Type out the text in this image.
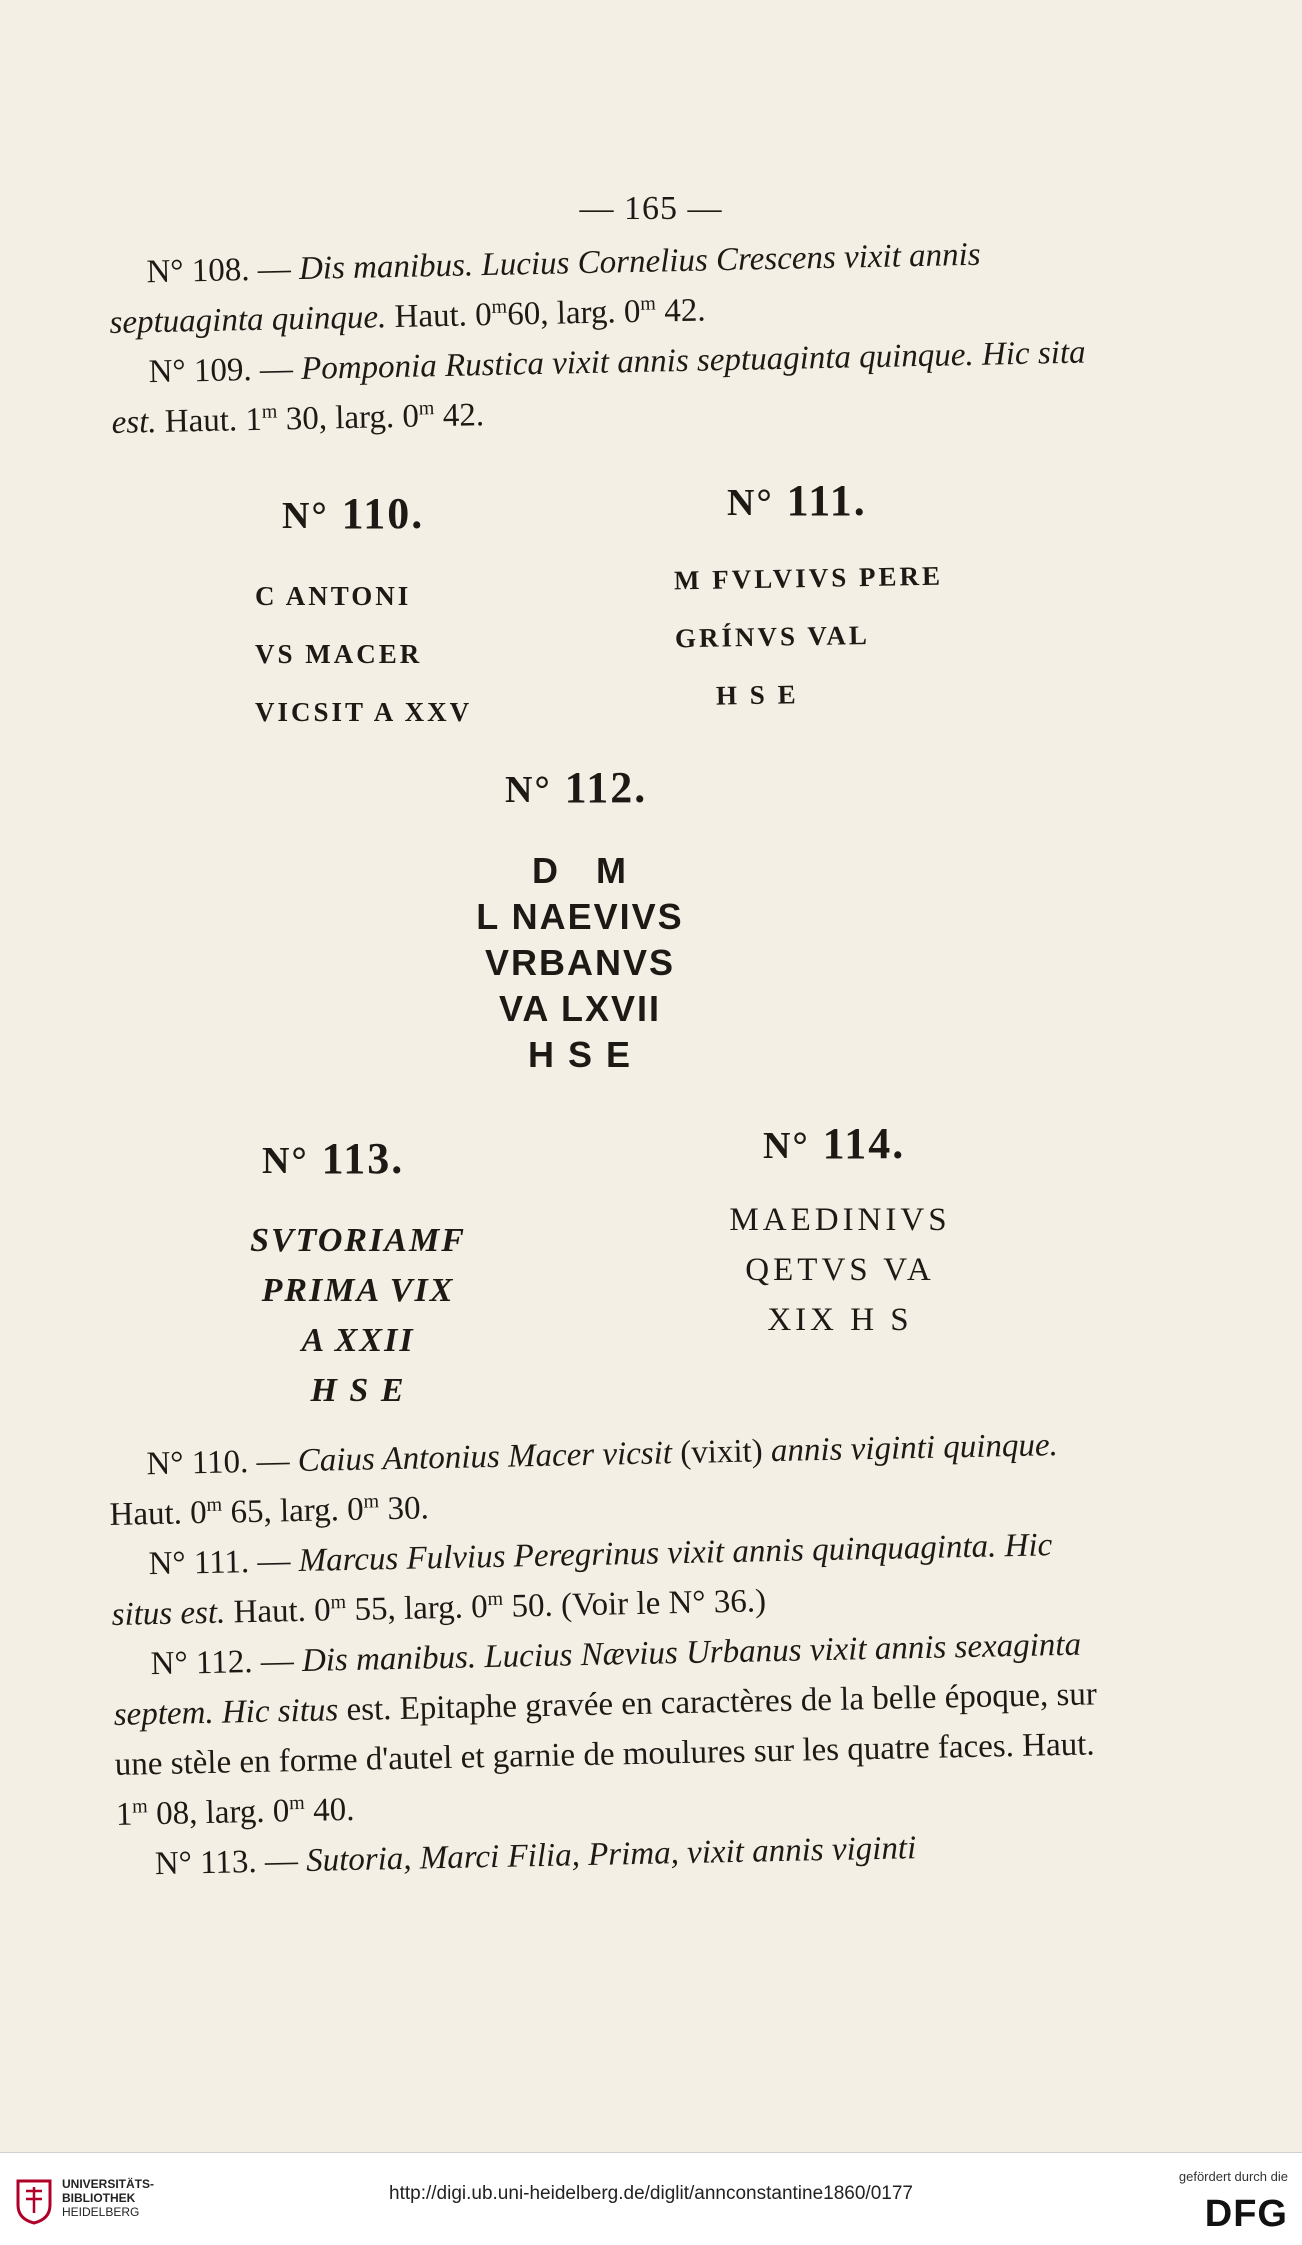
— 165 —

N° 108. — Dis manibus. Lucius Cornelius Crescens vixit annis septuaginta quinque. Haut. 0$^m$60, larg. 0$^m$ 42.

N° 109. — Pomponia Rustica vixit annis septuaginta quinque. Hic sita est. Haut. 1$^m$ 30, larg. 0$^m$ 42.

N° 110.
C ANTONI
VS MACER
VICSIT A XXV
N° 111.
M FVLVIVS PERE
GRÍNVS VAL
H S E
N° 112.
D   M
L NAEVIVS
VRBANVS
VA LXVII
H S E
N° 113.
SVTORIAMF
PRIMA VIX
A XXII
H S E
N° 114.
MAEDINIVS
QETVS VA
XIX H S

N° 110. — Caius Antonius Macer vicsit (vixit) annis viginti quinque. Haut. 0$^m$ 65, larg. 0$^m$ 30.

N° 111. — Marcus Fulvius Peregrinus vixit annis quinquaginta. Hic situs est. Haut. 0$^m$ 55, larg. 0$^m$ 50. (Voir le N° 36.)

N° 112. — Dis manibus. Lucius Nævius Urbanus vixit annis sexaginta septem. Hic situs est. Epitaphe gravée en caractères de la belle époque, sur une stèle en forme d'autel et garnie de moulures sur les quatre faces. Haut. 1$^m$ 08, larg. 0$^m$ 40.

N° 113. — Sutoria, Marci Filia, Prima, vixit annis viginti

UNIVERSITÄTS-
BIBLIOTHEK
HEIDELBERG
http://digi.ub.uni-heidelberg.de/diglit/annconstantine1860/0177
gefördert durch die
DFG
